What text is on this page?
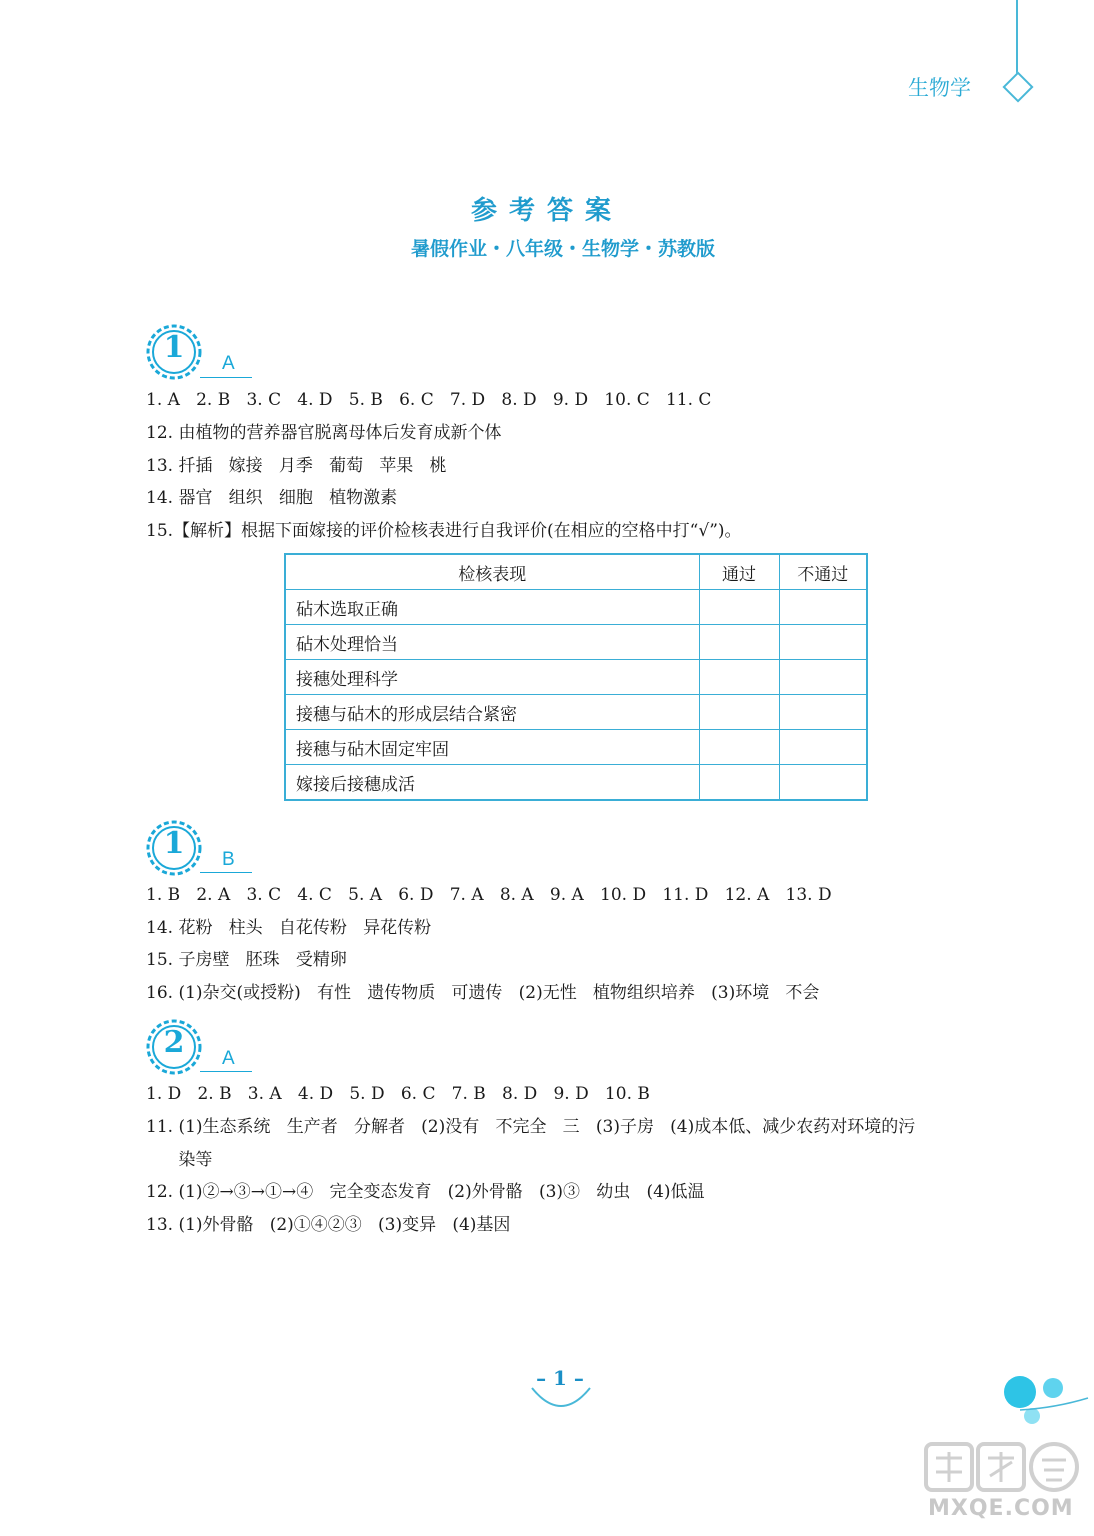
生物学
参考答案
暑假作业・八年级・生物学・苏教版
1	A
1. A   2. B   3. C   4. D   5. B   6. C   7. D   8. D   9. D   10. C   11. C
12. 由植物的营养器官脱离母体后发育成新个体
13. 扦插   嫁接   月季   葡萄   苹果   桃
14. 器官   组织   细胞   植物激素
15.【解析】根据下面嫁接的评价检核表进行自我评价(在相应的空格中打“√”)。
检核表现	通过	不通过
砧木选取正确		
砧木处理恰当		
接穗处理科学		
接穗与砧木的形成层结合紧密		
接穗与砧木固定牢固		
嫁接后接穗成活		
1	B
1. B   2. A   3. C   4. C   5. A   6. D   7. A   8. A   9. A   10. D   11. D   12. A   13. D
14. 花粉   柱头   自花传粉   异花传粉
15. 子房壁   胚珠   受精卵
16. (1)杂交(或授粉)   有性   遗传物质   可遗传   (2)无性   植物组织培养   (3)环境   不会
2	A
1. D   2. B   3. A   4. D   5. D   6. C   7. B   8. D   9. D   10. B
11. (1)生态系统   生产者   分解者   (2)没有   不完全   三   (3)子房   (4)成本低、减少农药对环境的污
染等
12. (1)②→③→①→④   完全变态发育   (2)外骨骼   (3)③   幼虫   (4)低温
13. (1)外骨骼   (2)①④②③   (3)变异   (4)基因
– 1 –
MXQE.COM
